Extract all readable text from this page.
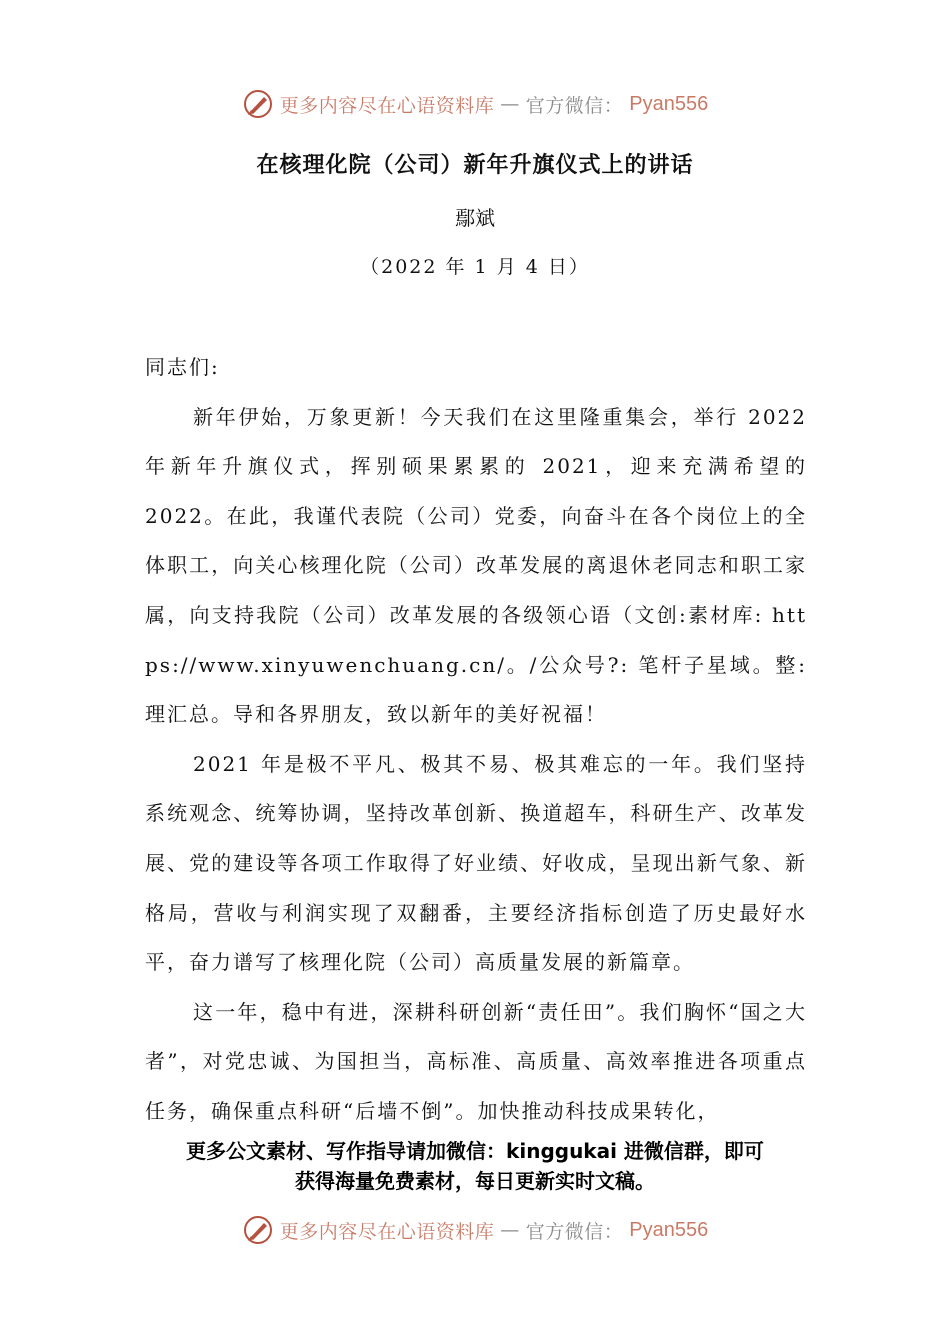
更多内容尽在心语资料库 — 官方微信： Pyan556
在核理化院（公司）新年升旗仪式上的讲话
鄢斌
（2022 年 1 月 4 日）

同志们:

新年伊始，万象更新！今天我们在这里隆重集会，举行 2022 年新年升旗仪式，挥别硕果累累的 2021，迎来充满希望的 2022。在此，我谨代表院（公司）党委，向奋斗在各个岗位上的全体职工，向关心核理化院（公司）改革发展的离退休老同志和职工家属，向支持我院（公司）改革发展的各级领心语（文创:素材库: https://www.xinyuwenchuang.cn/。/公众号?: 笔杆子星域。整:理汇总。导和各界朋友，致以新年的美好祝福！

2021 年是极不平凡、极其不易、极其难忘的一年。我们坚持系统观念、统筹协调，坚持改革创新、换道超车，科研生产、改革发展、党的建设等各项工作取得了好业绩、好收成，呈现出新气象、新格局，营收与利润实现了双翻番，主要经济指标创造了历史最好水平，奋力谱写了核理化院（公司）高质量发展的新篇章。

这一年，稳中有进，深耕科研创新“责任田”。我们胸怀“国之大者”，对党忠诚、为国担当，高标准、高质量、高效率推进各项重点任务，确保重点科研“后墙不倒”。加快推动科技成果转化，

更多公文素材、写作指导请加微信：kinggukai 进微信群，即可
获得海量免费素材，每日更新实时文稿。
更多内容尽在心语资料库 — 官方微信： Pyan556
